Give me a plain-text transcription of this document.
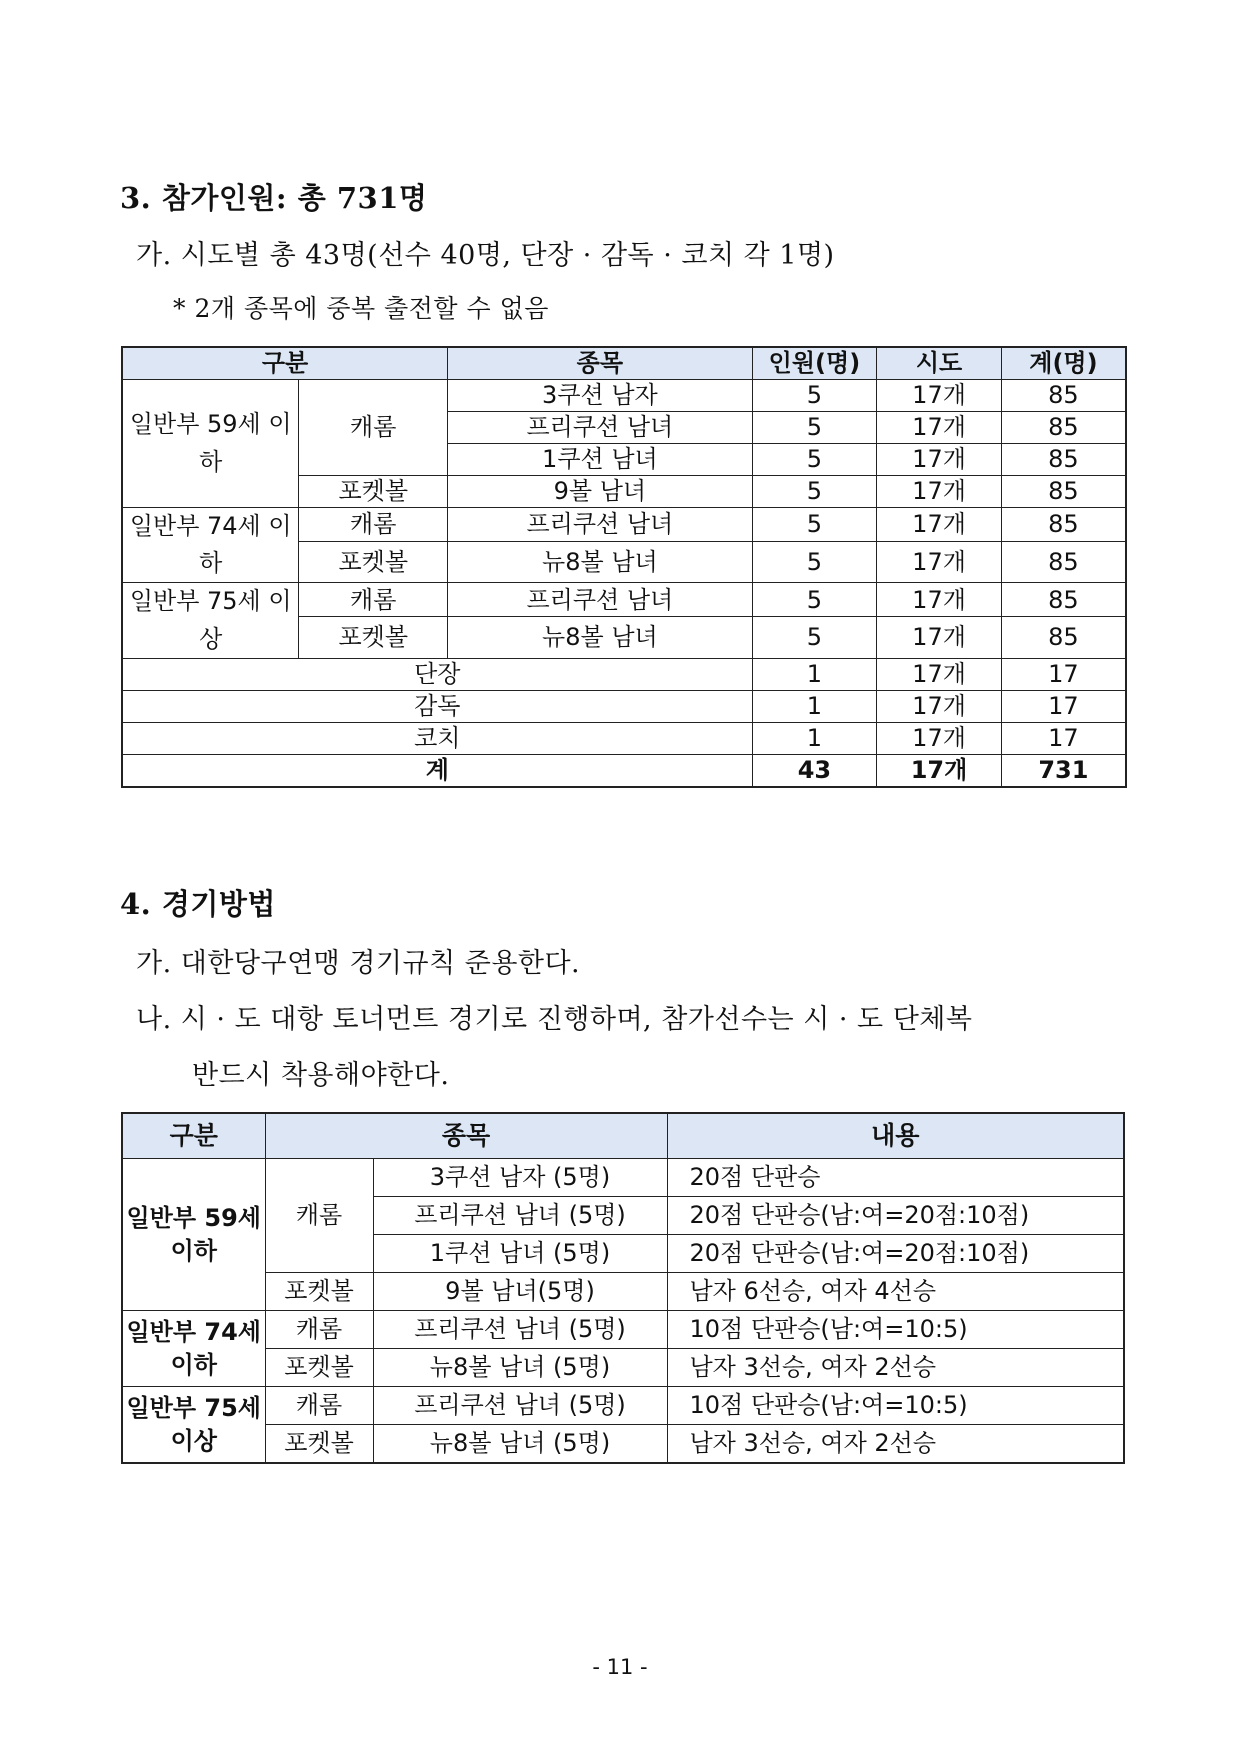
3. 참가인원: 총 731명
가. 시도별 총 43명(선수 40명, 단장 · 감독 · 코치 각 1명)
* 2개 종목에 중복 출전할 수 없음
구분		종목	인원(명)	시도	계(명)
일반부 59세 이하	캐롬	3쿠션 남자	5	17개	85
		프리쿠션 남녀	5	17개	85
		1쿠션 남녀	5	17개	85
	포켓볼	9볼 남녀	5	17개	85
일반부 74세 이하	캐롬	프리쿠션 남녀	5	17개	85
	포켓볼	뉴8볼 남녀	5	17개	85
일반부 75세 이상	캐롬	프리쿠션 남녀	5	17개	85
	포켓볼	뉴8볼 남녀	5	17개	85
단장			1	17개	17
감독			1	17개	17
코치			1	17개	17
계			43	17개	731
4. 경기방법
가. 대한당구연맹 경기규칙 준용한다.
나. 시 · 도 대항 토너먼트 경기로 진행하며, 참가선수는 시 · 도 단체복
반드시 착용해야한다.
구분	종목		내용
일반부 59세 이하	캐롬	3쿠션 남자 (5명)	20점 단판승
		프리쿠션 남녀 (5명)	20점 단판승(남:여=20점:10점)
		1쿠션 남녀 (5명)	20점 단판승(남:여=20점:10점)
	포켓볼	9볼 남녀(5명)	남자 6선승, 여자 4선승
일반부 74세 이하	캐롬	프리쿠션 남녀 (5명)	10점 단판승(남:여=10:5)
	포켓볼	뉴8볼 남녀 (5명)	남자 3선승, 여자 2선승
일반부 75세 이상	캐롬	프리쿠션 남녀 (5명)	10점 단판승(남:여=10:5)
	포켓볼	뉴8볼 남녀 (5명)	남자 3선승, 여자 2선승
- 11 -
